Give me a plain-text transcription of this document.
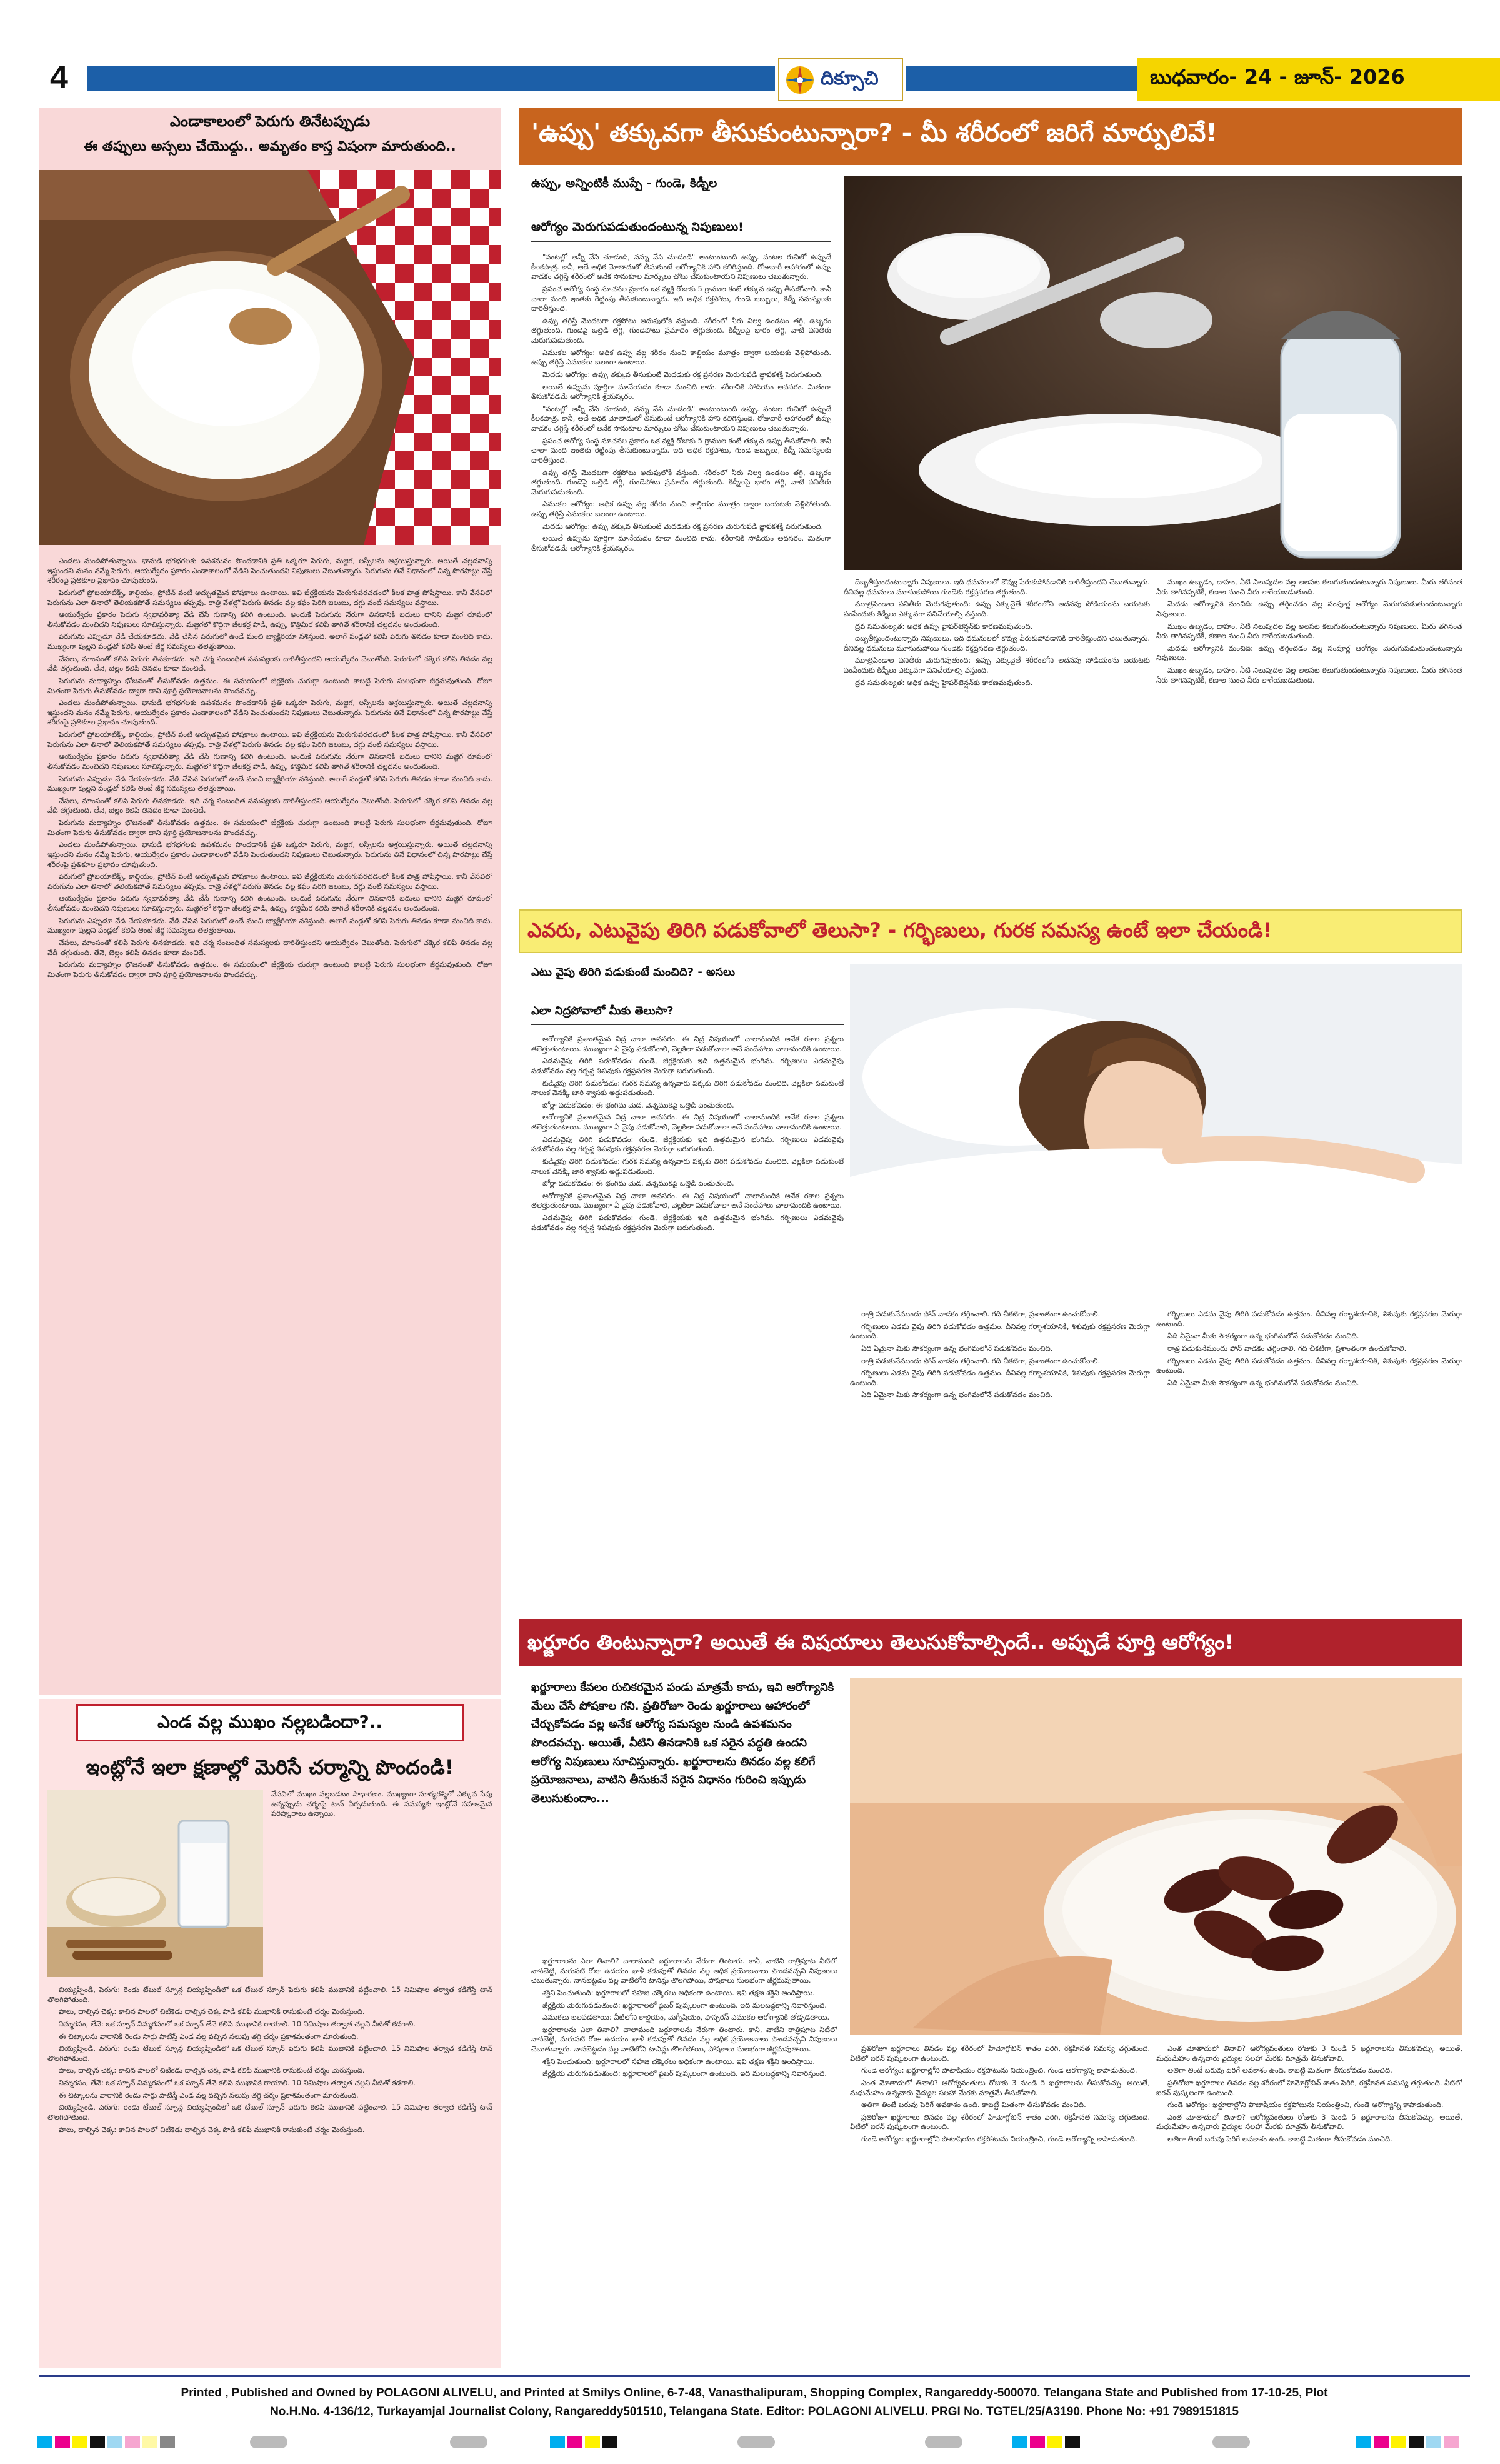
4	దిక్సూచి	బుధవారం- 24 - జూన్- 2026
ఎండాకాలంలో పెరుగు తినేటప్పుడు
ఈ తప్పులు అస్సలు చేయొద్దు.. అమృతం కాస్త విషంగా మారుతుంది..

ఎండలు మండిపోతున్నాయి. భానుడి భగభగలకు ఉపశమనం పొందడానికి ప్రతి ఒక్కరూ పెరుగు, మజ్జిగ, లస్సీలను ఆశ్రయిస్తున్నారు. అయితే చల్లదనాన్ని ఇస్తుందని మనం నమ్మే పెరుగు, ఆయుర్వేదం ప్రకారం ఎండాకాలంలో వేడిని పెంచుతుందని నిపుణులు చెబుతున్నారు. పెరుగును తినే విధానంలో చిన్న పొరపాట్లు చేస్తే శరీరంపై ప్రతికూల ప్రభావం చూపుతుంది.

పెరుగులో ప్రోబయాటిక్స్, కాల్షియం, ప్రోటీన్ వంటి అద్భుతమైన పోషకాలు ఉంటాయి. ఇవి జీర్ణక్రియను మెరుగుపరచడంలో కీలక పాత్ర పోషిస్తాయి. కానీ వేసవిలో పెరుగును ఎలా తినాలో తెలియకపోతే సమస్యలు తప్పవు. రాత్రి వేళల్లో పెరుగు తినడం వల్ల కఫం పెరిగి జలుబు, దగ్గు వంటి సమస్యలు వస్తాయి.

ఆయుర్వేదం ప్రకారం పెరుగు స్వభావరీత్యా వేడి చేసే గుణాన్ని కలిగి ఉంటుంది. అందుకే పెరుగును నేరుగా తినడానికి బదులు దానిని మజ్జిగ రూపంలో తీసుకోవడం మంచిదని నిపుణులు సూచిస్తున్నారు. మజ్జిగలో కొద్దిగా జీలకర్ర పొడి, ఉప్పు, కొత్తిమీర కలిపి తాగితే శరీరానికి చల్లదనం అందుతుంది.

పెరుగును ఎప్పుడూ వేడి చేయకూడదు. వేడి చేసిన పెరుగులో ఉండే మంచి బ్యాక్టీరియా నశిస్తుంది. అలాగే పండ్లతో కలిపి పెరుగు తినడం కూడా మంచిది కాదు. ముఖ్యంగా పుల్లని పండ్లతో కలిపి తింటే జీర్ణ సమస్యలు తలెత్తుతాయి.

చేపలు, మాంసంతో కలిపి పెరుగు తినకూడదు. ఇది చర్మ సంబంధిత సమస్యలకు దారితీస్తుందని ఆయుర్వేదం చెబుతోంది. పెరుగులో చక్కెర కలిపి తినడం వల్ల వేడి తగ్గుతుంది. తేనె, బెల్లం కలిపి తినడం కూడా మంచిదే.

పెరుగును మధ్యాహ్నం భోజనంతో తీసుకోవడం ఉత్తమం. ఈ సమయంలో జీర్ణక్రియ చురుగ్గా ఉంటుంది కాబట్టి పెరుగు సులభంగా జీర్ణమవుతుంది. రోజూ మితంగా పెరుగు తీసుకోవడం ద్వారా దాని పూర్తి ప్రయోజనాలను పొందవచ్చు.

ఎండలు మండిపోతున్నాయి. భానుడి భగభగలకు ఉపశమనం పొందడానికి ప్రతి ఒక్కరూ పెరుగు, మజ్జిగ, లస్సీలను ఆశ్రయిస్తున్నారు. అయితే చల్లదనాన్ని ఇస్తుందని మనం నమ్మే పెరుగు, ఆయుర్వేదం ప్రకారం ఎండాకాలంలో వేడిని పెంచుతుందని నిపుణులు చెబుతున్నారు. పెరుగును తినే విధానంలో చిన్న పొరపాట్లు చేస్తే శరీరంపై ప్రతికూల ప్రభావం చూపుతుంది.

పెరుగులో ప్రోబయాటిక్స్, కాల్షియం, ప్రోటీన్ వంటి అద్భుతమైన పోషకాలు ఉంటాయి. ఇవి జీర్ణక్రియను మెరుగుపరచడంలో కీలక పాత్ర పోషిస్తాయి. కానీ వేసవిలో పెరుగును ఎలా తినాలో తెలియకపోతే సమస్యలు తప్పవు. రాత్రి వేళల్లో పెరుగు తినడం వల్ల కఫం పెరిగి జలుబు, దగ్గు వంటి సమస్యలు వస్తాయి.

ఆయుర్వేదం ప్రకారం పెరుగు స్వభావరీత్యా వేడి చేసే గుణాన్ని కలిగి ఉంటుంది. అందుకే పెరుగును నేరుగా తినడానికి బదులు దానిని మజ్జిగ రూపంలో తీసుకోవడం మంచిదని నిపుణులు సూచిస్తున్నారు. మజ్జిగలో కొద్దిగా జీలకర్ర పొడి, ఉప్పు, కొత్తిమీర కలిపి తాగితే శరీరానికి చల్లదనం అందుతుంది.

పెరుగును ఎప్పుడూ వేడి చేయకూడదు. వేడి చేసిన పెరుగులో ఉండే మంచి బ్యాక్టీరియా నశిస్తుంది. అలాగే పండ్లతో కలిపి పెరుగు తినడం కూడా మంచిది కాదు. ముఖ్యంగా పుల్లని పండ్లతో కలిపి తింటే జీర్ణ సమస్యలు తలెత్తుతాయి.

చేపలు, మాంసంతో కలిపి పెరుగు తినకూడదు. ఇది చర్మ సంబంధిత సమస్యలకు దారితీస్తుందని ఆయుర్వేదం చెబుతోంది. పెరుగులో చక్కెర కలిపి తినడం వల్ల వేడి తగ్గుతుంది. తేనె, బెల్లం కలిపి తినడం కూడా మంచిదే.

పెరుగును మధ్యాహ్నం భోజనంతో తీసుకోవడం ఉత్తమం. ఈ సమయంలో జీర్ణక్రియ చురుగ్గా ఉంటుంది కాబట్టి పెరుగు సులభంగా జీర్ణమవుతుంది. రోజూ మితంగా పెరుగు తీసుకోవడం ద్వారా దాని పూర్తి ప్రయోజనాలను పొందవచ్చు.

ఎండలు మండిపోతున్నాయి. భానుడి భగభగలకు ఉపశమనం పొందడానికి ప్రతి ఒక్కరూ పెరుగు, మజ్జిగ, లస్సీలను ఆశ్రయిస్తున్నారు. అయితే చల్లదనాన్ని ఇస్తుందని మనం నమ్మే పెరుగు, ఆయుర్వేదం ప్రకారం ఎండాకాలంలో వేడిని పెంచుతుందని నిపుణులు చెబుతున్నారు. పెరుగును తినే విధానంలో చిన్న పొరపాట్లు చేస్తే శరీరంపై ప్రతికూల ప్రభావం చూపుతుంది.

పెరుగులో ప్రోబయాటిక్స్, కాల్షియం, ప్రోటీన్ వంటి అద్భుతమైన పోషకాలు ఉంటాయి. ఇవి జీర్ణక్రియను మెరుగుపరచడంలో కీలక పాత్ర పోషిస్తాయి. కానీ వేసవిలో పెరుగును ఎలా తినాలో తెలియకపోతే సమస్యలు తప్పవు. రాత్రి వేళల్లో పెరుగు తినడం వల్ల కఫం పెరిగి జలుబు, దగ్గు వంటి సమస్యలు వస్తాయి.

ఆయుర్వేదం ప్రకారం పెరుగు స్వభావరీత్యా వేడి చేసే గుణాన్ని కలిగి ఉంటుంది. అందుకే పెరుగును నేరుగా తినడానికి బదులు దానిని మజ్జిగ రూపంలో తీసుకోవడం మంచిదని నిపుణులు సూచిస్తున్నారు. మజ్జిగలో కొద్దిగా జీలకర్ర పొడి, ఉప్పు, కొత్తిమీర కలిపి తాగితే శరీరానికి చల్లదనం అందుతుంది.

పెరుగును ఎప్పుడూ వేడి చేయకూడదు. వేడి చేసిన పెరుగులో ఉండే మంచి బ్యాక్టీరియా నశిస్తుంది. అలాగే పండ్లతో కలిపి పెరుగు తినడం కూడా మంచిది కాదు. ముఖ్యంగా పుల్లని పండ్లతో కలిపి తింటే జీర్ణ సమస్యలు తలెత్తుతాయి.

చేపలు, మాంసంతో కలిపి పెరుగు తినకూడదు. ఇది చర్మ సంబంధిత సమస్యలకు దారితీస్తుందని ఆయుర్వేదం చెబుతోంది. పెరుగులో చక్కెర కలిపి తినడం వల్ల వేడి తగ్గుతుంది. తేనె, బెల్లం కలిపి తినడం కూడా మంచిదే.

పెరుగును మధ్యాహ్నం భోజనంతో తీసుకోవడం ఉత్తమం. ఈ సమయంలో జీర్ణక్రియ చురుగ్గా ఉంటుంది కాబట్టి పెరుగు సులభంగా జీర్ణమవుతుంది. రోజూ మితంగా పెరుగు తీసుకోవడం ద్వారా దాని పూర్తి ప్రయోజనాలను పొందవచ్చు.

ఎండ వల్ల ముఖం నల్లబడిందా?..
ఇంట్లోనే ఇలా క్షణాల్లో మెరిసే చర్మాన్ని పొందండి!
వేసవిలో ముఖం నల్లబడటం సాధారణం. ముఖ్యంగా సూర్యరశ్మిలో ఎక్కువ సేపు ఉన్నప్పుడు చర్మంపై టాన్ ఏర్పడుతుంది. ఈ సమస్యకు ఇంట్లోనే సహజమైన పరిష్కారాలు ఉన్నాయి.

బియ్యప్పిండి, పెరుగు: రెండు టేబుల్ స్పూన్ల బియ్యప్పిండిలో ఒక టేబుల్ స్పూన్ పెరుగు కలిపి ముఖానికి పట్టించాలి. 15 నిమిషాల తర్వాత కడిగేస్తే టాన్ తొలగిపోతుంది.

పాలు, దాల్చిన చెక్క: కాచిన పాలలో చిటికెడు దాల్చిన చెక్క పొడి కలిపి ముఖానికి రాసుకుంటే చర్మం మెరుస్తుంది.

నిమ్మరసం, తేనె: ఒక స్పూన్ నిమ్మరసంలో ఒక స్పూన్ తేనె కలిపి ముఖానికి రాయాలి. 10 నిమిషాల తర్వాత చల్లని నీటితో కడగాలి.

ఈ చిట్కాలను వారానికి రెండు సార్లు పాటిస్తే ఎండ వల్ల వచ్చిన నలుపు తగ్గి చర్మం ప్రకాశవంతంగా మారుతుంది.

బియ్యప్పిండి, పెరుగు: రెండు టేబుల్ స్పూన్ల బియ్యప్పిండిలో ఒక టేబుల్ స్పూన్ పెరుగు కలిపి ముఖానికి పట్టించాలి. 15 నిమిషాల తర్వాత కడిగేస్తే టాన్ తొలగిపోతుంది.

పాలు, దాల్చిన చెక్క: కాచిన పాలలో చిటికెడు దాల్చిన చెక్క పొడి కలిపి ముఖానికి రాసుకుంటే చర్మం మెరుస్తుంది.

నిమ్మరసం, తేనె: ఒక స్పూన్ నిమ్మరసంలో ఒక స్పూన్ తేనె కలిపి ముఖానికి రాయాలి. 10 నిమిషాల తర్వాత చల్లని నీటితో కడగాలి.

ఈ చిట్కాలను వారానికి రెండు సార్లు పాటిస్తే ఎండ వల్ల వచ్చిన నలుపు తగ్గి చర్మం ప్రకాశవంతంగా మారుతుంది.

బియ్యప్పిండి, పెరుగు: రెండు టేబుల్ స్పూన్ల బియ్యప్పిండిలో ఒక టేబుల్ స్పూన్ పెరుగు కలిపి ముఖానికి పట్టించాలి. 15 నిమిషాల తర్వాత కడిగేస్తే టాన్ తొలగిపోతుంది.

పాలు, దాల్చిన చెక్క: కాచిన పాలలో చిటికెడు దాల్చిన చెక్క పొడి కలిపి ముఖానికి రాసుకుంటే చర్మం మెరుస్తుంది.

'ఉప్పు' తక్కువగా తీసుకుంటున్నారా? - మీ శరీరంలో జరిగే మార్పులివే!
ఉప్పు, అన్నింటికీ ముప్పే - గుండె, కిడ్నీల
ఆరోగ్యం మెరుగుపడుతుందంటున్న నిపుణులు!

"వంటల్లో అన్నీ వేసి చూడండి, నన్ను వేసి చూడండి" అంటుంటుంది ఉప్పు. వంటల రుచిలో ఉప్పుదే కీలకపాత్ర. కానీ, అదే అధిక మోతాదులో తీసుకుంటే ఆరోగ్యానికి హాని కలిగిస్తుంది. రోజువారీ ఆహారంలో ఉప్పు వాడకం తగ్గిస్తే శరీరంలో అనేక సానుకూల మార్పులు చోటు చేసుకుంటాయని నిపుణులు చెబుతున్నారు.

ప్రపంచ ఆరోగ్య సంస్థ సూచనల ప్రకారం ఒక వ్యక్తి రోజుకు 5 గ్రాముల కంటే తక్కువ ఉప్పు తీసుకోవాలి. కానీ చాలా మంది ఇంతకు రెట్టింపు తీసుకుంటున్నారు. ఇది అధిక రక్తపోటు, గుండె జబ్బులు, కిడ్నీ సమస్యలకు దారితీస్తుంది.

ఉప్పు తగ్గిస్తే మొదటగా రక్తపోటు అదుపులోకి వస్తుంది. శరీరంలో నీరు నిల్వ ఉండటం తగ్గి, ఉబ్బరం తగ్గుతుంది. గుండెపై ఒత్తిడి తగ్గి, గుండెపోటు ప్రమాదం తగ్గుతుంది. కిడ్నీలపై భారం తగ్గి, వాటి పనితీరు మెరుగుపడుతుంది.

ఎముకల ఆరోగ్యం: అధిక ఉప్పు వల్ల శరీరం నుంచి కాల్షియం మూత్రం ద్వారా బయటకు వెళ్లిపోతుంది. ఉప్పు తగ్గిస్తే ఎముకలు బలంగా ఉంటాయి.

మెదడు ఆరోగ్యం: ఉప్పు తక్కువ తీసుకుంటే మెదడుకు రక్త ప్రసరణ మెరుగుపడి జ్ఞాపకశక్తి పెరుగుతుంది.

అయితే ఉప్పును పూర్తిగా మానేయడం కూడా మంచిది కాదు. శరీరానికి సోడియం అవసరం. మితంగా తీసుకోవడమే ఆరోగ్యానికి శ్రేయస్కరం.

"వంటల్లో అన్నీ వేసి చూడండి, నన్ను వేసి చూడండి" అంటుంటుంది ఉప్పు. వంటల రుచిలో ఉప్పుదే కీలకపాత్ర. కానీ, అదే అధిక మోతాదులో తీసుకుంటే ఆరోగ్యానికి హాని కలిగిస్తుంది. రోజువారీ ఆహారంలో ఉప్పు వాడకం తగ్గిస్తే శరీరంలో అనేక సానుకూల మార్పులు చోటు చేసుకుంటాయని నిపుణులు చెబుతున్నారు.

ప్రపంచ ఆరోగ్య సంస్థ సూచనల ప్రకారం ఒక వ్యక్తి రోజుకు 5 గ్రాముల కంటే తక్కువ ఉప్పు తీసుకోవాలి. కానీ చాలా మంది ఇంతకు రెట్టింపు తీసుకుంటున్నారు. ఇది అధిక రక్తపోటు, గుండె జబ్బులు, కిడ్నీ సమస్యలకు దారితీస్తుంది.

ఉప్పు తగ్గిస్తే మొదటగా రక్తపోటు అదుపులోకి వస్తుంది. శరీరంలో నీరు నిల్వ ఉండటం తగ్గి, ఉబ్బరం తగ్గుతుంది. గుండెపై ఒత్తిడి తగ్గి, గుండెపోటు ప్రమాదం తగ్గుతుంది. కిడ్నీలపై భారం తగ్గి, వాటి పనితీరు మెరుగుపడుతుంది.

ఎముకల ఆరోగ్యం: అధిక ఉప్పు వల్ల శరీరం నుంచి కాల్షియం మూత్రం ద్వారా బయటకు వెళ్లిపోతుంది. ఉప్పు తగ్గిస్తే ఎముకలు బలంగా ఉంటాయి.

మెదడు ఆరోగ్యం: ఉప్పు తక్కువ తీసుకుంటే మెదడుకు రక్త ప్రసరణ మెరుగుపడి జ్ఞాపకశక్తి పెరుగుతుంది.

అయితే ఉప్పును పూర్తిగా మానేయడం కూడా మంచిది కాదు. శరీరానికి సోడియం అవసరం. మితంగా తీసుకోవడమే ఆరోగ్యానికి శ్రేయస్కరం.

దెబ్బతీస్తుందంటున్నారు నిపుణులు. ఇది ధమనులలో కొవ్వు పేరుకుపోవడానికి దారితీస్తుందని చెబుతున్నారు. దీనివల్ల ధమనులు మూసుకుపోయి గుండెకు రక్తప్రసరణ తగ్గుతుంది.

మూత్రపిండాల పనితీరు మెరుగవుతుంది: ఉప్పు ఎక్కువైతే శరీరంలోని అదనపు సోడియంను బయటకు పంపేందుకు కిడ్నీలు ఎక్కువగా పనిచేయాల్సి వస్తుంది.

ద్రవ సమతుల్యత: అధిక ఉప్పు హైపర్‌టెన్షన్‌కు కారణమవుతుంది.

దెబ్బతీస్తుందంటున్నారు నిపుణులు. ఇది ధమనులలో కొవ్వు పేరుకుపోవడానికి దారితీస్తుందని చెబుతున్నారు. దీనివల్ల ధమనులు మూసుకుపోయి గుండెకు రక్తప్రసరణ తగ్గుతుంది.

మూత్రపిండాల పనితీరు మెరుగవుతుంది: ఉప్పు ఎక్కువైతే శరీరంలోని అదనపు సోడియంను బయటకు పంపేందుకు కిడ్నీలు ఎక్కువగా పనిచేయాల్సి వస్తుంది.

ద్రవ సమతుల్యత: అధిక ఉప్పు హైపర్‌టెన్షన్‌కు కారణమవుతుంది.

ముఖం ఉబ్బడం, దాహం, నీటి నిలుపుదల వల్ల అలసట కలుగుతుందంటున్నారు నిపుణులు. మీరు తగినంత నీరు తాగినప్పటికీ, కణాల నుంచి నీరు లాగేయబడుతుంది.

మెదడు ఆరోగ్యానికి మంచిది: ఉప్పు తగ్గించడం వల్ల సంపూర్ణ ఆరోగ్యం మెరుగుపడుతుందంటున్నారు నిపుణులు.

ముఖం ఉబ్బడం, దాహం, నీటి నిలుపుదల వల్ల అలసట కలుగుతుందంటున్నారు నిపుణులు. మీరు తగినంత నీరు తాగినప్పటికీ, కణాల నుంచి నీరు లాగేయబడుతుంది.

మెదడు ఆరోగ్యానికి మంచిది: ఉప్పు తగ్గించడం వల్ల సంపూర్ణ ఆరోగ్యం మెరుగుపడుతుందంటున్నారు నిపుణులు.

ముఖం ఉబ్బడం, దాహం, నీటి నిలుపుదల వల్ల అలసట కలుగుతుందంటున్నారు నిపుణులు. మీరు తగినంత నీరు తాగినప్పటికీ, కణాల నుంచి నీరు లాగేయబడుతుంది.

ఎవరు, ఎటువైపు తిరిగి పడుకోవాలో తెలుసా? - గర్భిణులు, గురక సమస్య ఉంటే ఇలా చేయండి!
ఎటు వైపు తిరిగి పడుకుంటే మంచిది? - అసలు
ఎలా నిద్రపోవాలో మీకు తెలుసా?

ఆరోగ్యానికి ప్రశాంతమైన నిద్ర చాలా అవసరం. ఈ నిద్ర విషయంలో చాలామందికి అనేక రకాల ప్రశ్నలు తలెత్తుతుంటాయి. ముఖ్యంగా ఏ వైపు పడుకోవాలి, వెల్లకిలా పడుకోవాలా అనే సందేహాలు చాలామందికి ఉంటాయి.

ఎడమవైపు తిరిగి పడుకోవడం: గుండె, జీర్ణక్రియకు ఇది ఉత్తమమైన భంగిమ. గర్భిణులు ఎడమవైపు పడుకోవడం వల్ల గర్భస్థ శిశువుకు రక్తప్రసరణ మెరుగ్గా జరుగుతుంది.

కుడివైపు తిరిగి పడుకోవడం: గురక సమస్య ఉన్నవారు పక్కకు తిరిగి పడుకోవడం మంచిది. వెల్లకిలా పడుకుంటే నాలుక వెనక్కి జారి శ్వాసకు అడ్డుపడుతుంది.

బోర్లా పడుకోవడం: ఈ భంగిమ మెడ, వెన్నెముకపై ఒత్తిడి పెంచుతుంది.

ఆరోగ్యానికి ప్రశాంతమైన నిద్ర చాలా అవసరం. ఈ నిద్ర విషయంలో చాలామందికి అనేక రకాల ప్రశ్నలు తలెత్తుతుంటాయి. ముఖ్యంగా ఏ వైపు పడుకోవాలి, వెల్లకిలా పడుకోవాలా అనే సందేహాలు చాలామందికి ఉంటాయి.

ఎడమవైపు తిరిగి పడుకోవడం: గుండె, జీర్ణక్రియకు ఇది ఉత్తమమైన భంగిమ. గర్భిణులు ఎడమవైపు పడుకోవడం వల్ల గర్భస్థ శిశువుకు రక్తప్రసరణ మెరుగ్గా జరుగుతుంది.

కుడివైపు తిరిగి పడుకోవడం: గురక సమస్య ఉన్నవారు పక్కకు తిరిగి పడుకోవడం మంచిది. వెల్లకిలా పడుకుంటే నాలుక వెనక్కి జారి శ్వాసకు అడ్డుపడుతుంది.

బోర్లా పడుకోవడం: ఈ భంగిమ మెడ, వెన్నెముకపై ఒత్తిడి పెంచుతుంది.

ఆరోగ్యానికి ప్రశాంతమైన నిద్ర చాలా అవసరం. ఈ నిద్ర విషయంలో చాలామందికి అనేక రకాల ప్రశ్నలు తలెత్తుతుంటాయి. ముఖ్యంగా ఏ వైపు పడుకోవాలి, వెల్లకిలా పడుకోవాలా అనే సందేహాలు చాలామందికి ఉంటాయి.

ఎడమవైపు తిరిగి పడుకోవడం: గుండె, జీర్ణక్రియకు ఇది ఉత్తమమైన భంగిమ. గర్భిణులు ఎడమవైపు పడుకోవడం వల్ల గర్భస్థ శిశువుకు రక్తప్రసరణ మెరుగ్గా జరుగుతుంది.

రాత్రి పడుకునేముందు ఫోన్ వాడకం తగ్గించాలి. గది చీకటిగా, ప్రశాంతంగా ఉంచుకోవాలి.

గర్భిణులు ఎడమ వైపు తిరిగి పడుకోవడం ఉత్తమం. దీనివల్ల గర్భాశయానికి, శిశువుకు రక్తప్రసరణ మెరుగ్గా ఉంటుంది.

ఏది ఏమైనా మీకు సౌకర్యంగా ఉన్న భంగిమలోనే పడుకోవడం మంచిది.

రాత్రి పడుకునేముందు ఫోన్ వాడకం తగ్గించాలి. గది చీకటిగా, ప్రశాంతంగా ఉంచుకోవాలి.

గర్భిణులు ఎడమ వైపు తిరిగి పడుకోవడం ఉత్తమం. దీనివల్ల గర్భాశయానికి, శిశువుకు రక్తప్రసరణ మెరుగ్గా ఉంటుంది.

ఏది ఏమైనా మీకు సౌకర్యంగా ఉన్న భంగిమలోనే పడుకోవడం మంచిది.

గర్భిణులు ఎడమ వైపు తిరిగి పడుకోవడం ఉత్తమం. దీనివల్ల గర్భాశయానికి, శిశువుకు రక్తప్రసరణ మెరుగ్గా ఉంటుంది.

ఏది ఏమైనా మీకు సౌకర్యంగా ఉన్న భంగిమలోనే పడుకోవడం మంచిది.

రాత్రి పడుకునేముందు ఫోన్ వాడకం తగ్గించాలి. గది చీకటిగా, ప్రశాంతంగా ఉంచుకోవాలి.

గర్భిణులు ఎడమ వైపు తిరిగి పడుకోవడం ఉత్తమం. దీనివల్ల గర్భాశయానికి, శిశువుకు రక్తప్రసరణ మెరుగ్గా ఉంటుంది.

ఏది ఏమైనా మీకు సౌకర్యంగా ఉన్న భంగిమలోనే పడుకోవడం మంచిది.

ఖర్జూరం తింటున్నారా? అయితే ఈ విషయాలు తెలుసుకోవాల్సిందే.. అప్పుడే పూర్తి ఆరోగ్యం!
ఖర్జూరాలు కేవలం రుచికరమైన పండు మాత్రమే కాదు, ఇవి ఆరోగ్యానికి మేలు చేసే పోషకాల గని. ప్రతిరోజూ రెండు ఖర్జూరాలు ఆహారంలో చేర్చుకోవడం వల్ల అనేక ఆరోగ్య సమస్యల నుండి ఉపశమనం పొందవచ్చు. అయితే, వీటిని తినడానికి ఒక సరైన పద్ధతి ఉందని ఆరోగ్య నిపుణులు సూచిస్తున్నారు. ఖర్జూరాలను తినడం వల్ల కలిగే ప్రయోజనాలు, వాటిని తీసుకునే సరైన విధానం గురించి ఇప్పుడు తెలుసుకుందాం...

ఖర్జూరాలను ఎలా తినాలి? చాలామంది ఖర్జూరాలను నేరుగా తింటారు. కానీ, వాటిని రాత్రిపూట నీటిలో నానబెట్టి, మరుసటి రోజు ఉదయం ఖాళీ కడుపుతో తినడం వల్ల అధిక ప్రయోజనాలు పొందవచ్చని నిపుణులు చెబుతున్నారు. నానబెట్టడం వల్ల వాటిలోని టానిన్లు తొలగిపోయి, పోషకాలు సులభంగా జీర్ణమవుతాయి.

శక్తిని పెంచుతుంది: ఖర్జూరాలలో సహజ చక్కెరలు అధికంగా ఉంటాయి. ఇవి తక్షణ శక్తిని అందిస్తాయి.

జీర్ణక్రియ మెరుగుపడుతుంది: ఖర్జూరాలలో ఫైబర్ పుష్కలంగా ఉంటుంది. ఇది మలబద్ధకాన్ని నివారిస్తుంది.

ఎముకలు బలపడతాయి: వీటిలోని కాల్షియం, మెగ్నీషియం, ఫాస్ఫరస్ ఎముకల ఆరోగ్యానికి తోడ్పడతాయి.

ఖర్జూరాలను ఎలా తినాలి? చాలామంది ఖర్జూరాలను నేరుగా తింటారు. కానీ, వాటిని రాత్రిపూట నీటిలో నానబెట్టి, మరుసటి రోజు ఉదయం ఖాళీ కడుపుతో తినడం వల్ల అధిక ప్రయోజనాలు పొందవచ్చని నిపుణులు చెబుతున్నారు. నానబెట్టడం వల్ల వాటిలోని టానిన్లు తొలగిపోయి, పోషకాలు సులభంగా జీర్ణమవుతాయి.

శక్తిని పెంచుతుంది: ఖర్జూరాలలో సహజ చక్కెరలు అధికంగా ఉంటాయి. ఇవి తక్షణ శక్తిని అందిస్తాయి.

జీర్ణక్రియ మెరుగుపడుతుంది: ఖర్జూరాలలో ఫైబర్ పుష్కలంగా ఉంటుంది. ఇది మలబద్ధకాన్ని నివారిస్తుంది.

ప్రతిరోజూ ఖర్జూరాలు తినడం వల్ల శరీరంలో హిమోగ్లోబిన్ శాతం పెరిగి, రక్తహీనత సమస్య తగ్గుతుంది. వీటిలో ఐరన్ పుష్కలంగా ఉంటుంది.

గుండె ఆరోగ్యం: ఖర్జూరాల్లోని పొటాషియం రక్తపోటును నియంత్రించి, గుండె ఆరోగ్యాన్ని కాపాడుతుంది.

ఎంత మోతాదులో తినాలి? ఆరోగ్యవంతులు రోజుకు 3 నుండి 5 ఖర్జూరాలను తీసుకోవచ్చు. అయితే, మధుమేహం ఉన్నవారు వైద్యుల సలహా మేరకు మాత్రమే తీసుకోవాలి.

అతిగా తింటే బరువు పెరిగే అవకాశం ఉంది. కాబట్టి మితంగా తీసుకోవడం మంచిది.

ప్రతిరోజూ ఖర్జూరాలు తినడం వల్ల శరీరంలో హిమోగ్లోబిన్ శాతం పెరిగి, రక్తహీనత సమస్య తగ్గుతుంది. వీటిలో ఐరన్ పుష్కలంగా ఉంటుంది.

గుండె ఆరోగ్యం: ఖర్జూరాల్లోని పొటాషియం రక్తపోటును నియంత్రించి, గుండె ఆరోగ్యాన్ని కాపాడుతుంది.

ఎంత మోతాదులో తినాలి? ఆరోగ్యవంతులు రోజుకు 3 నుండి 5 ఖర్జూరాలను తీసుకోవచ్చు. అయితే, మధుమేహం ఉన్నవారు వైద్యుల సలహా మేరకు మాత్రమే తీసుకోవాలి.

అతిగా తింటే బరువు పెరిగే అవకాశం ఉంది. కాబట్టి మితంగా తీసుకోవడం మంచిది.

ప్రతిరోజూ ఖర్జూరాలు తినడం వల్ల శరీరంలో హిమోగ్లోబిన్ శాతం పెరిగి, రక్తహీనత సమస్య తగ్గుతుంది. వీటిలో ఐరన్ పుష్కలంగా ఉంటుంది.

గుండె ఆరోగ్యం: ఖర్జూరాల్లోని పొటాషియం రక్తపోటును నియంత్రించి, గుండె ఆరోగ్యాన్ని కాపాడుతుంది.

ఎంత మోతాదులో తినాలి? ఆరోగ్యవంతులు రోజుకు 3 నుండి 5 ఖర్జూరాలను తీసుకోవచ్చు. అయితే, మధుమేహం ఉన్నవారు వైద్యుల సలహా మేరకు మాత్రమే తీసుకోవాలి.

అతిగా తింటే బరువు పెరిగే అవకాశం ఉంది. కాబట్టి మితంగా తీసుకోవడం మంచిది.

Printed , Published and Owned by POLAGONI ALIVELU, and Printed at Smilys Online, 6-7-48, Vanasthalipuram, Shopping Complex, Rangareddy-500070. Telangana State and Published from 17-10-25, Plot
No.H.No. 4-136/12, Turkayamjal Journalist Colony, Rangareddy501510, Telangana State. Editor: POLAGONI ALIVELU. PRGI No. TGTEL/25/A3190. Phone No: +91 7989151815
